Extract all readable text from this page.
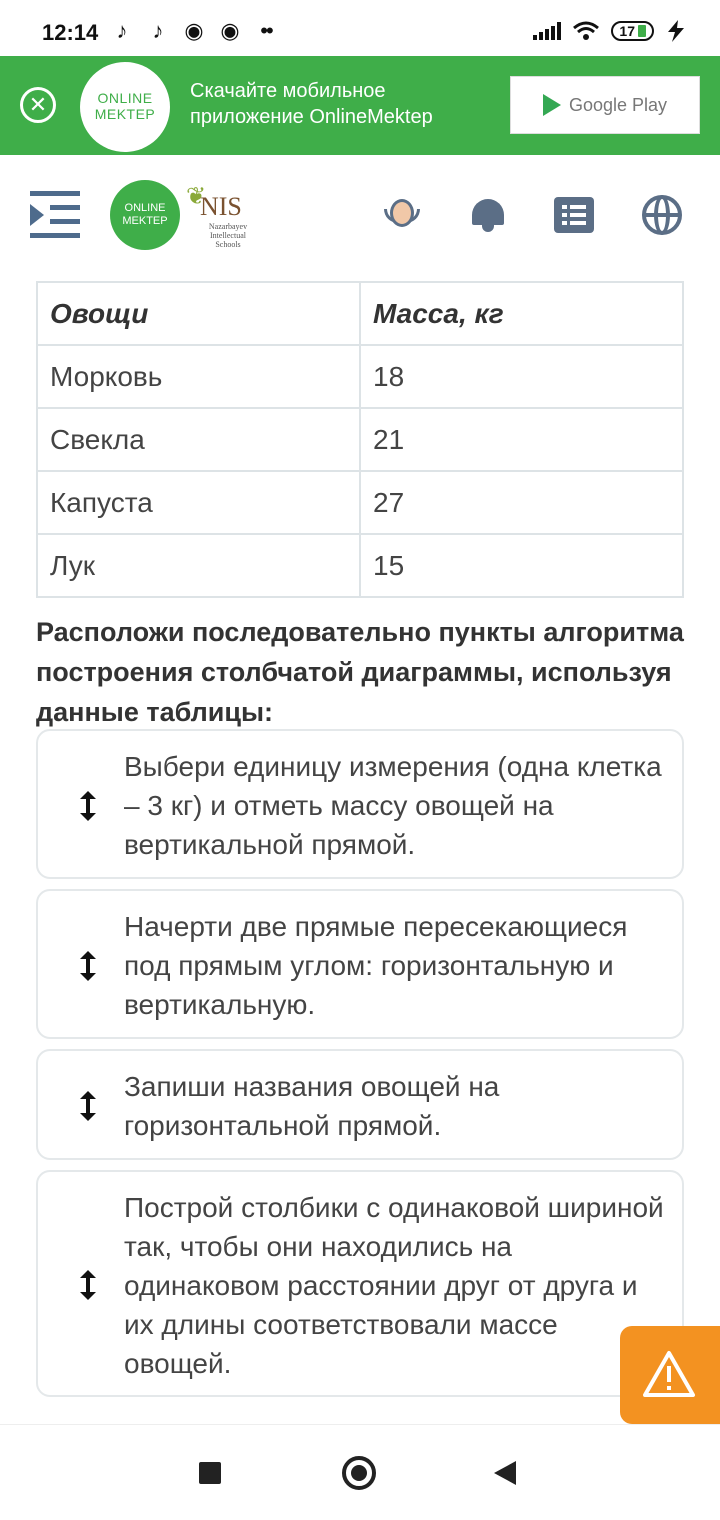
12:14 ♪ ♪ ◉ ◉ ••	17
✕	ONLINE
MEKTEP
Скачайте мобильное приложение OnlineMektep
Google Play
ONLINE
MEKTEP
❦
NIS
Nazarbayev Intellectual Schools
Овощи	Масса, кг
Морковь	18
Свекла	21
Капуста	27
Лук	15
Расположи последовательно пункты алгоритма построения столбчатой диаграммы, используя данные таблицы:
Выбери единицу измерения (одна клетка – 3 кг) и отметь массу овощей на вертикальной прямой.
Начерти две прямые пересекающиеся под прямым углом: горизонтальную и вертикальную.
Запиши названия овощей на горизонтальной прямой.
Построй столбики с одинаковой шириной так, чтобы они находились на одинаковом расстоянии друг от друга и их длины соответствовали массе овощей.
